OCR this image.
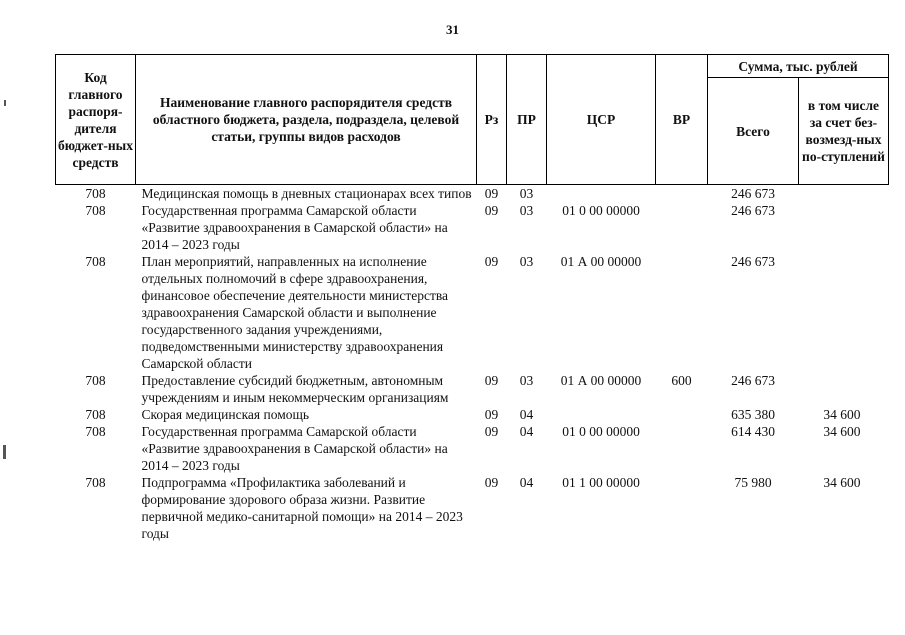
31
Код главного распоря-дителя бюджет-ных средств	Наименование главного распорядителя средств областного бюджета, раздела, подраздела, целевой статьи, группы видов расходов	Рз	ПР	ЦСР	ВР	Сумма, тыс. рублей	
						Всего	в том числе за счет без-возмезд-ных по-ступлений
708	Медицинская помощь в дневных стационарах всех типов	09	03			246 673	
708	Государственная программа Самарской области «Развитие здравоохранения в Самарской области» на 2014 – 2023 годы	09	03	01 0 00 00000		246 673	
708	План мероприятий, направленных на исполнение отдельных полномочий в сфере здравоохранения, финансовое обеспечение деятельности министерства здравоохранения Самарской области и выполнение государственного задания учреждениями, подведомственными министерству здравоохранения Самарской области	09	03	01 А 00 00000		246 673	
708	Предоставление субсидий бюджетным, автономным учреждениям и иным некоммерческим организациям	09	03	01 А 00 00000	600	246 673	
708	Скорая медицинская помощь	09	04			635 380	34 600
708	Государственная программа Самарской области «Развитие здравоохранения в Самарской области» на 2014 – 2023 годы	09	04	01 0 00 00000		614 430	34 600
708	Подпрограмма «Профилактика заболеваний и формирование здорового образа жизни. Развитие первичной медико-санитарной помощи» на 2014 – 2023 годы	09	04	01 1 00 00000		75 980	34 600
